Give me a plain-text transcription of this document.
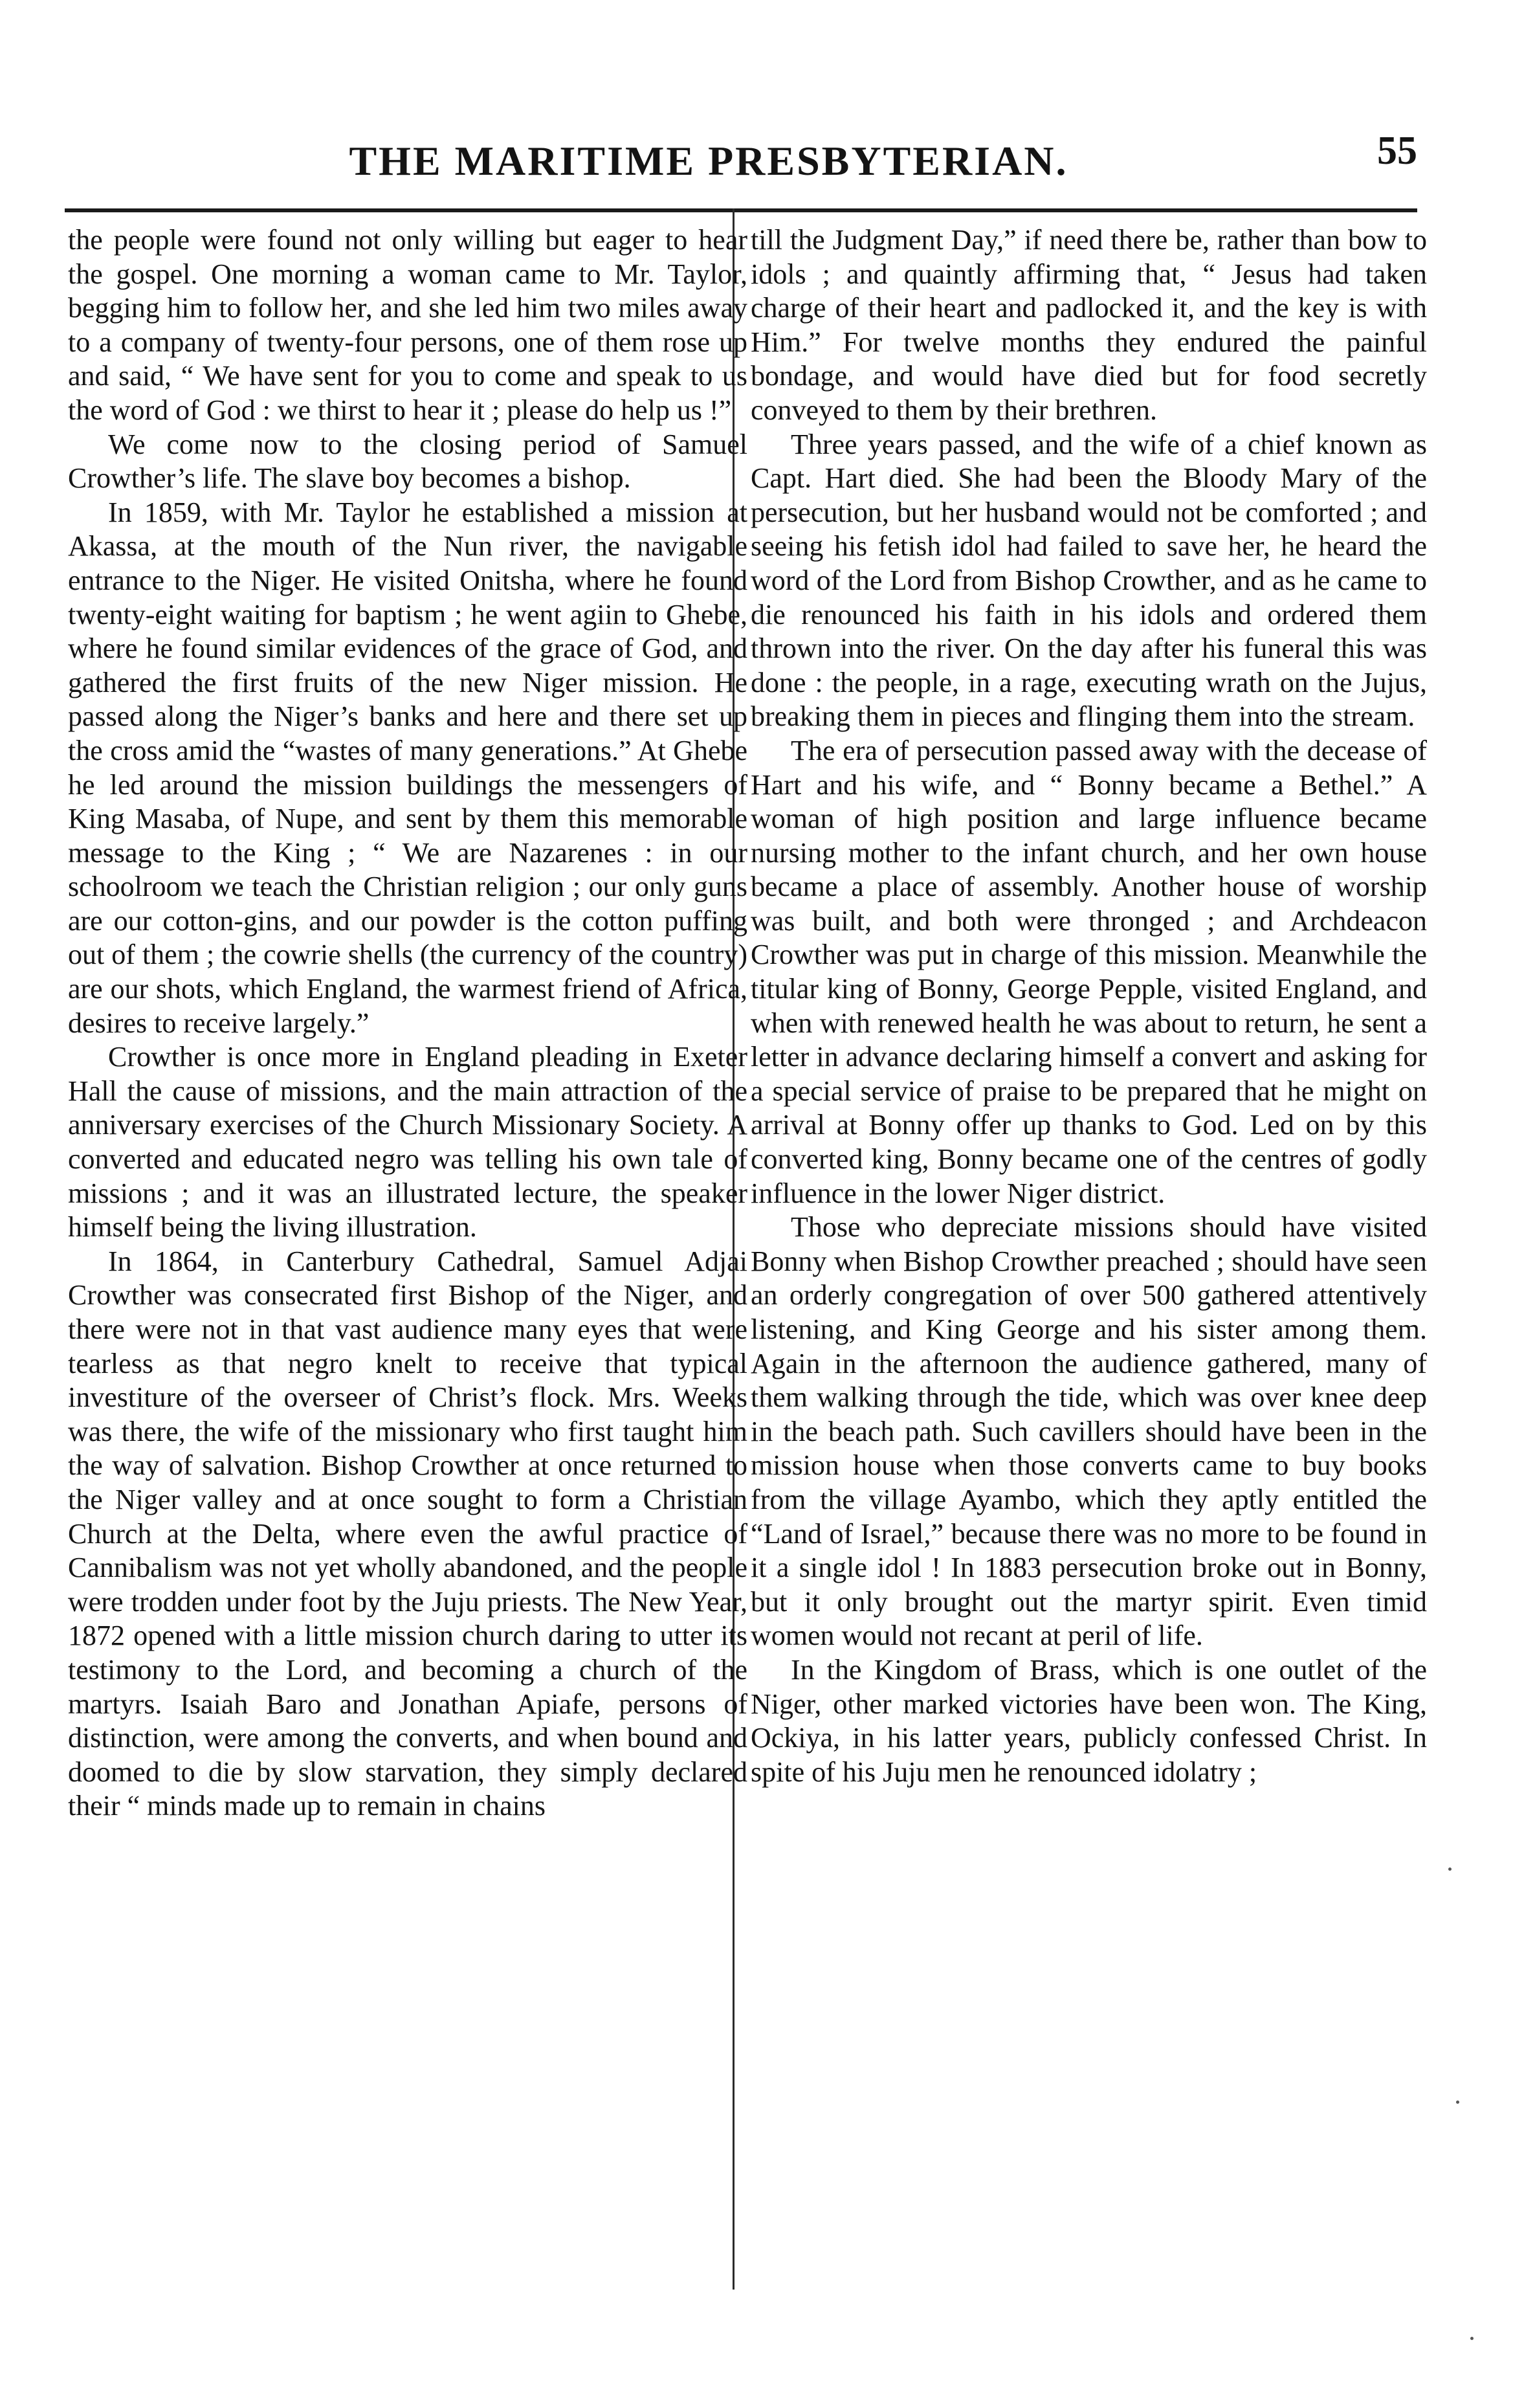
THE MARITIME PRESBYTERIAN.	55

the people were found not only willing but eager to hear the gospel. One morning a woman came to Mr. Taylor, begging him to follow her, and she led him two miles away to a company of twenty-four persons, one of them rose up and said, “ We have sent for you to come and speak to us the word of God : we thirst to hear it ; please do help us !”

We come now to the closing period of Samuel Crowther’s life. The slave boy becomes a bishop.

In 1859, with Mr. Taylor he established a mission at Akassa, at the mouth of the Nun river, the navigable entrance to the Niger. He visited Onitsha, where he found twenty-eight waiting for baptism ; he went agiin to Ghebe, where he found similar evidences of the grace of God, and gathered the first fruits of the new Niger mission. He passed along the Niger’s banks and here and there set up the cross amid the “wastes of many generations.” At Ghebe he led around the mission buildings the messengers of King Masaba, of Nupe, and sent by them this memorable message to the King ; “ We are Nazarenes : in our schoolroom we teach the Christian religion ; our only guns are our cotton-gins, and our powder is the cotton puffing out of them ; the cowrie shells (the currency of the country) are our shots, which England, the warmest friend of Africa, desires to receive largely.”

Crowther is once more in England pleading in Exeter Hall the cause of missions, and the main attraction of the anniversary exercises of the Church Missionary Society. A converted and educated negro was telling his own tale of missions ; and it was an illustrated lecture, the speaker himself being the living illustration.

In 1864, in Canterbury Cathedral, Samuel Adjai Crowther was consecrated first Bishop of the Niger, and there were not in that vast audience many eyes that were tearless as that negro knelt to receive that typical investiture of the overseer of Christ’s flock. Mrs. Weeks was there, the wife of the missionary who first taught him the way of salvation. Bishop Crowther at once returned to the Niger valley and at once sought to form a Christian Church at the Delta, where even the awful practice of Cannibalism was not yet wholly abandoned, and the people were trodden under foot by the Juju priests. The New Year, 1872 opened with a little mission church daring to utter its testimony to the Lord, and becoming a church of the martyrs. Isaiah Baro and Jonathan Apiafe, persons of distinction, were among the converts, and when bound and doomed to die by slow starvation, they simply declared their “ minds made up to remain in chains

till the Judgment Day,” if need there be, rather than bow to idols ; and quaintly affirming that, “ Jesus had taken charge of their heart and padlocked it, and the key is with Him.” For twelve months they endured the painful bondage, and would have died but for food secretly conveyed to them by their brethren.

Three years passed, and the wife of a chief known as Capt. Hart died. She had been the Bloody Mary of the persecution, but her husband would not be comforted ; and seeing his fetish idol had failed to save her, he heard the word of the Lord from Bishop Crowther, and as he came to die renounced his faith in his idols and ordered them thrown into the river. On the day after his funeral this was done : the people, in a rage, executing wrath on the Jujus, breaking them in pieces and flinging them into the stream.

The era of persecution passed away with the decease of Hart and his wife, and “ Bonny became a Bethel.” A woman of high position and large influence became nursing mother to the infant church, and her own house became a place of assembly. Another house of worship was built, and both were thronged ; and Archdeacon Crowther was put in charge of this mission. Meanwhile the titular king of Bonny, George Pepple, visited England, and when with renewed health he was about to return, he sent a letter in advance declaring himself a convert and asking for a special service of praise to be prepared that he might on arrival at Bonny offer up thanks to God. Led on by this converted king, Bonny became one of the centres of godly influence in the lower Niger district.

Those who depreciate missions should have visited Bonny when Bishop Crowther preached ; should have seen an orderly congregation of over 500 gathered attentively listening, and King George and his sister among them. Again in the afternoon the audience gathered, many of them walking through the tide, which was over knee deep in the beach path. Such cavillers should have been in the mission house when those converts came to buy books from the village Ayambo, which they aptly entitled the “Land of Israel,” because there was no more to be found in it a single idol ! In 1883 persecution broke out in Bonny, but it only brought out the martyr spirit. Even timid women would not recant at peril of life.

In the Kingdom of Brass, which is one outlet of the Niger, other marked victories have been won. The King, Ockiya, in his latter years, publicly confessed Christ. In spite of his Juju men he renounced idolatry ;
